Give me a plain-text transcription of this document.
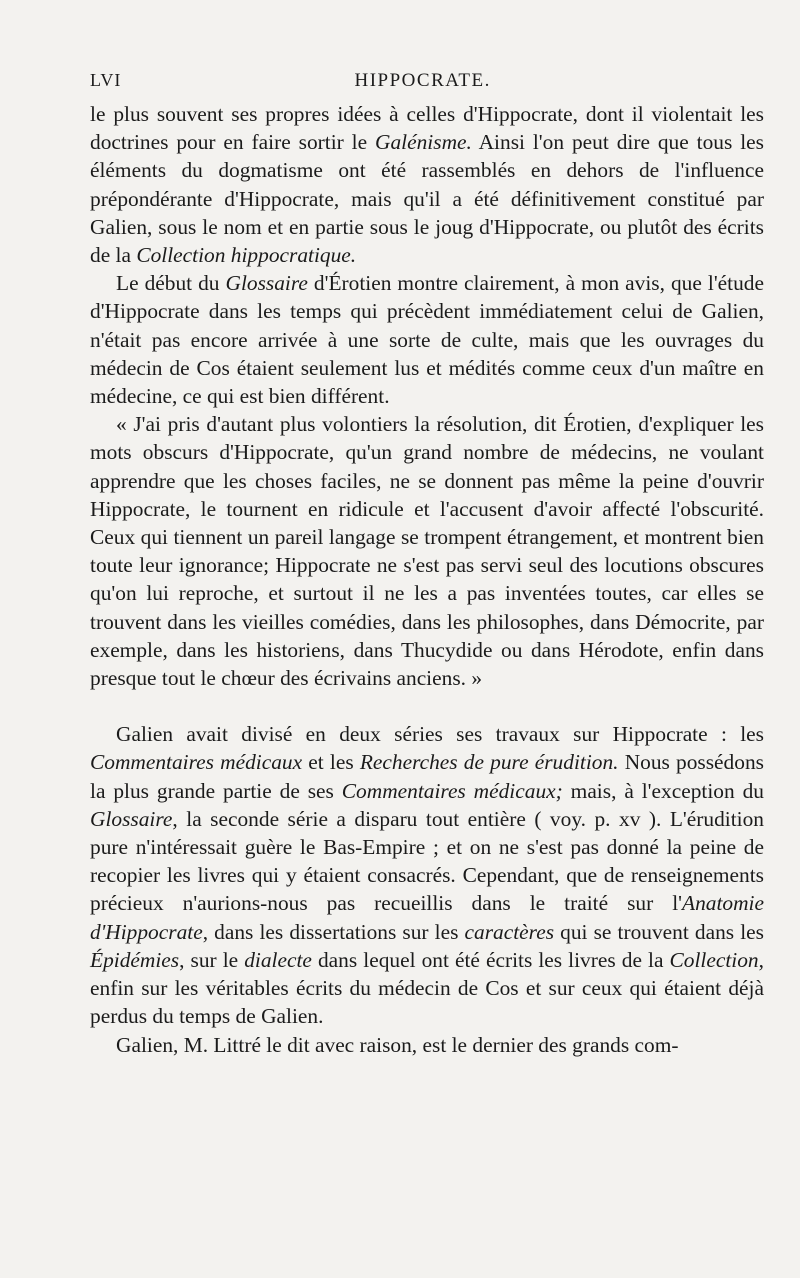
LVI	HIPPOCRATE.

le plus souvent ses propres idées à celles d'Hippocrate, dont il violentait les doctrines pour en faire sortir le Galénisme. Ainsi l'on peut dire que tous les éléments du dogmatisme ont été rassemblés en dehors de l'influence prépondérante d'Hippocrate, mais qu'il a été définitivement constitué par Galien, sous le nom et en partie sous le joug d'Hippocrate, ou plutôt des écrits de la Collection hippocratique.

Le début du Glossaire d'Érotien montre clairement, à mon avis, que l'étude d'Hippocrate dans les temps qui précèdent immédiatement celui de Galien, n'était pas encore arrivée à une sorte de culte, mais que les ouvrages du médecin de Cos étaient seulement lus et médités comme ceux d'un maître en médecine, ce qui est bien différent.

« J'ai pris d'autant plus volontiers la résolution, dit Érotien, d'expliquer les mots obscurs d'Hippocrate, qu'un grand nombre de médecins, ne voulant apprendre que les choses faciles, ne se donnent pas même la peine d'ouvrir Hippocrate, le tournent en ridicule et l'accusent d'avoir affecté l'obscurité. Ceux qui tiennent un pareil langage se trompent étrangement, et montrent bien toute leur ignorance; Hippocrate ne s'est pas servi seul des locutions obscures qu'on lui reproche, et surtout il ne les a pas inventées toutes, car elles se trouvent dans les vieilles comédies, dans les philosophes, dans Démocrite, par exemple, dans les historiens, dans Thucydide ou dans Hérodote, enfin dans presque tout le chœur des écrivains anciens. »

Galien avait divisé en deux séries ses travaux sur Hippocrate : les Commentaires médicaux et les Recherches de pure érudition. Nous possédons la plus grande partie de ses Commentaires médicaux; mais, à l'exception du Glossaire, la seconde série a disparu tout entière ( voy. p. xv ). L'érudition pure n'intéressait guère le Bas-Empire ; et on ne s'est pas donné la peine de recopier les livres qui y étaient consacrés. Cependant, que de renseignements précieux n'aurions-nous pas recueillis dans le traité sur l'Anatomie d'Hippocrate, dans les dissertations sur les caractères qui se trouvent dans les Épidémies, sur le dialecte dans lequel ont été écrits les livres de la Collection, enfin sur les véritables écrits du médecin de Cos et sur ceux qui étaient déjà perdus du temps de Galien.

Galien, M. Littré le dit avec raison, est le dernier des grands com-
